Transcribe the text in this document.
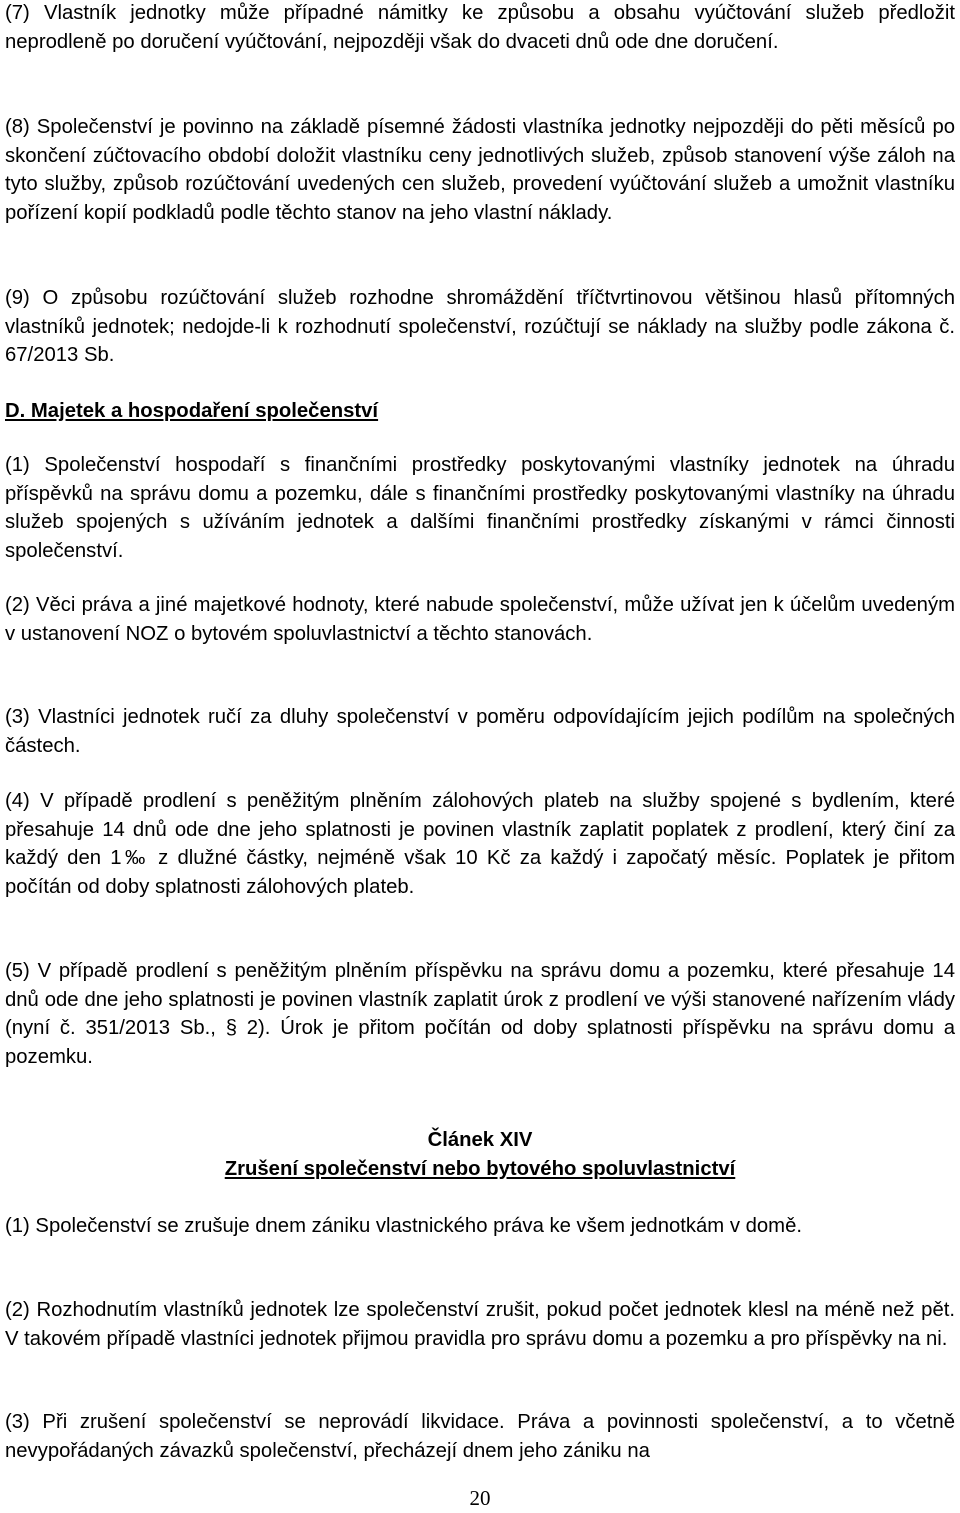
(7) Vlastník jednotky může případné námitky ke způsobu a obsahu vyúčtování služeb předložit neprodleně po doručení vyúčtování, nejpozději však do dvaceti dnů ode dne doručení.

(8) Společenství je povinno na základě písemné žádosti vlastníka jednotky nejpozději do pěti měsíců po skončení zúčtovacího období doložit vlastníku ceny jednotlivých služeb, způsob stanovení výše záloh na tyto služby, způsob rozúčtování uvedených cen služeb, provedení vyúčtování služeb a umožnit vlastníku pořízení kopií podkladů podle těchto stanov na jeho vlastní náklady.

(9) O způsobu rozúčtování služeb rozhodne shromáždění tříčtvrtinovou většinou hlasů přítomných vlastníků jednotek; nedojde-li k rozhodnutí společenství, rozúčtují se náklady na služby podle zákona č. 67/2013 Sb.

D. Majetek a hospodaření společenství

(1) Společenství hospodaří s finančními prostředky poskytovanými vlastníky jednotek na úhradu příspěvků na správu domu a pozemku, dále s finančními prostředky poskytovanými vlastníky na úhradu služeb spojených s užíváním jednotek a dalšími finančními prostředky získanými v rámci činnosti společenství.

(2) Věci práva a jiné majetkové hodnoty, které nabude společenství, může užívat jen k účelům uvedeným v ustanovení NOZ o bytovém spoluvlastnictví a těchto stanovách.

(3) Vlastníci jednotek ručí za dluhy společenství v poměru odpovídajícím jejich podílům na společných částech.

(4) V případě prodlení s peněžitým plněním zálohových plateb na služby spojené s bydlením, které přesahuje 14 dnů ode dne jeho splatnosti je povinen vlastník zaplatit poplatek z prodlení, který činí za každý den 1‰ z dlužné částky, nejméně však 10 Kč za každý i započatý měsíc. Poplatek je přitom počítán od doby splatnosti zálohových plateb.

(5) V případě prodlení s peněžitým plněním příspěvku na správu domu a pozemku, které přesahuje 14 dnů ode dne jeho splatnosti je povinen vlastník zaplatit úrok z prodlení ve výši stanovené nařízením vlády (nyní č. 351/2013 Sb., § 2). Úrok je přitom počítán od doby splatnosti příspěvku na správu domu a pozemku.

Článek XIV
Zrušení společenství nebo bytového spoluvlastnictví

(1) Společenství se zrušuje dnem zániku vlastnického práva ke všem jednotkám v domě.

(2) Rozhodnutím vlastníků jednotek lze společenství zrušit, pokud počet jednotek klesl na méně než pět. V takovém případě vlastníci jednotek přijmou pravidla pro správu domu a pozemku a pro příspěvky na ni.

(3) Při zrušení společenství se neprovádí likvidace. Práva a povinnosti společenství, a to včetně nevypořádaných závazků společenství, přecházejí dnem jeho zániku na

20
